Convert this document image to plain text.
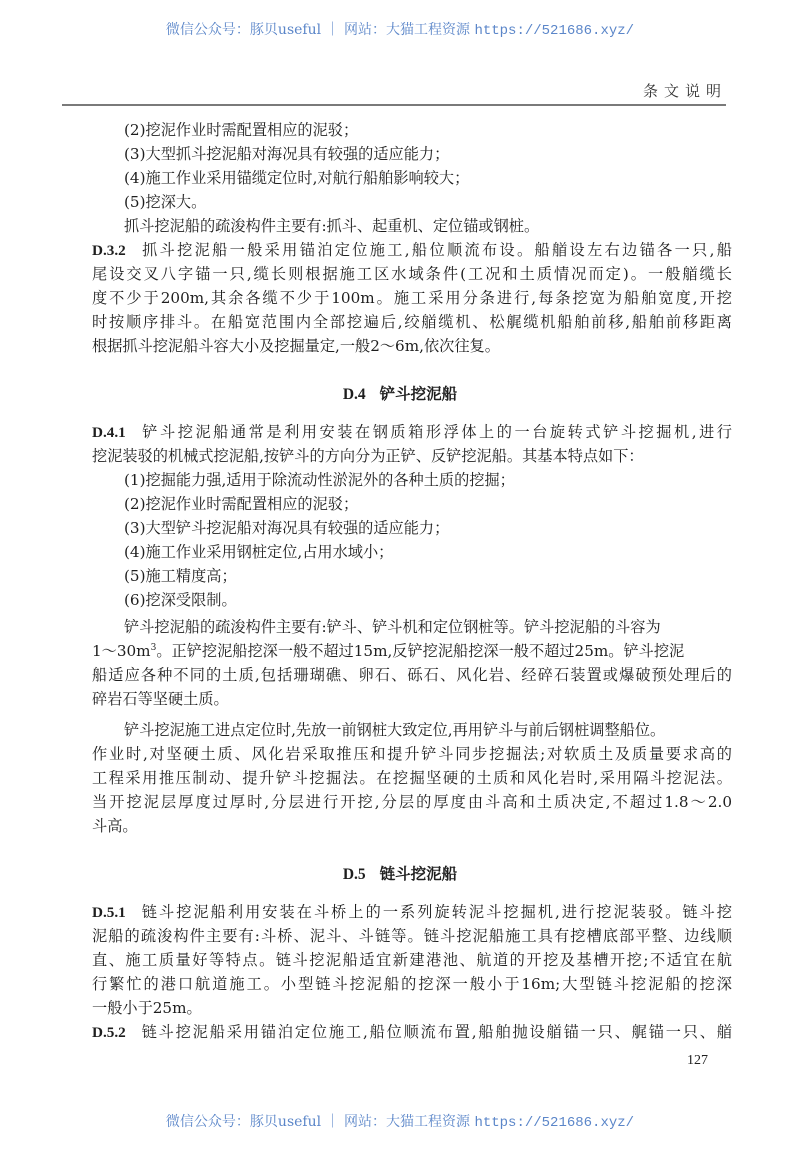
微信公众号：豚贝useful ｜ 网站：大猫工程资源 https://521686.xyz/
条文说明
(2)挖泥作业时需配置相应的泥驳；
(3)大型抓斗挖泥船对海况具有较强的适应能力；
(4)施工作业采用锚缆定位时,对航行船舶影响较大；
(5)挖深大。
抓斗挖泥船的疏浚构件主要有:抓斗、起重机、定位锚或钢桩。
D.3.2 抓斗挖泥船一般采用锚泊定位施工,船位顺流布设。船艏设左右边锚各一只,船
尾设交叉八字锚一只,缆长则根据施工区水域条件(工况和土质情况而定)。一般艏缆长
度不少于200m,其余各缆不少于100m。施工采用分条进行,每条挖宽为船舶宽度,开挖
时按顺序排斗。在船宽范围内全部挖遍后,绞艏缆机、松艉缆机船舶前移,船舶前移距离
根据抓斗挖泥船斗容大小及挖掘量定,一般2～6m,依次往复。
D.4 铲斗挖泥船
D.4.1 铲斗挖泥船通常是利用安装在钢质箱形浮体上的一台旋转式铲斗挖掘机,进行
挖泥装驳的机械式挖泥船,按铲斗的方向分为正铲、反铲挖泥船。其基本特点如下：
(1)挖掘能力强,适用于除流动性淤泥外的各种土质的挖掘；
(2)挖泥作业时需配置相应的泥驳；
(3)大型铲斗挖泥船对海况具有较强的适应能力；
(4)施工作业采用钢桩定位,占用水域小；
(5)施工精度高；
(6)挖深受限制。
铲斗挖泥船的疏浚构件主要有:铲斗、铲斗机和定位钢桩等。铲斗挖泥船的斗容为
$1\sim 30m^3$。正铲挖泥船挖深一般不超过15m,反铲挖泥船挖深一般不超过25m。铲斗挖泥
船适应各种不同的土质,包括珊瑚礁、卵石、砾石、风化岩、经碎石装置或爆破预处理后的
碎岩石等坚硬土质。
铲斗挖泥施工进点定位时,先放一前钢桩大致定位,再用铲斗与前后钢桩调整船位。
作业时,对坚硬土质、风化岩采取推压和提升铲斗同步挖掘法;对软质土及质量要求高的
工程采用推压制动、提升铲斗挖掘法。在挖掘坚硬的土质和风化岩时,采用隔斗挖泥法。
当开挖泥层厚度过厚时,分层进行开挖,分层的厚度由斗高和土质决定,不超过1.8～2.0
斗高。
D.5 链斗挖泥船
D.5.1 链斗挖泥船利用安装在斗桥上的一系列旋转泥斗挖掘机,进行挖泥装驳。链斗挖
泥船的疏浚构件主要有:斗桥、泥斗、斗链等。链斗挖泥船施工具有挖槽底部平整、边线顺
直、施工质量好等特点。链斗挖泥船适宜新建港池、航道的开挖及基槽开挖;不适宜在航
行繁忙的港口航道施工。小型链斗挖泥船的挖深一般小于16m;大型链斗挖泥船的挖深
一般小于25m。
D.5.2 链斗挖泥船采用锚泊定位施工,船位顺流布置,船舶抛设艏锚一只、艉锚一只、艏
127
微信公众号：豚贝useful ｜ 网站：大猫工程资源 https://521686.xyz/
